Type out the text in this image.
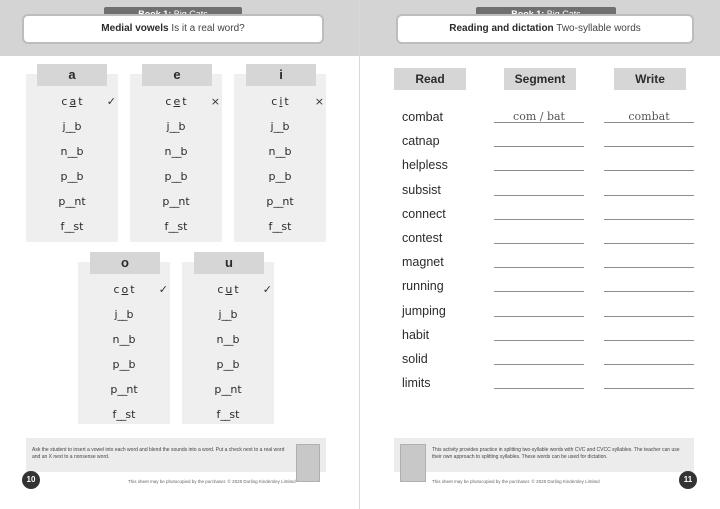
Medial vowels Is it a real word?
a
c a t ✓
j__b
n__b
p__b
p__nt
f__st
e
c e t ×
j__b
n__b
p__b
p__nt
f__st
i
c i t ×
j__b
n__b
p__b
p__nt
f__st
o
c o t ✓
j__b
n__b
p__b
p__nt
f__st
u
c u t ✓
j__b
n__b
p__b
p__nt
f__st
Ask the student to insert a vowel into each word and blend the sounds into a word. Put a check next to a real word and an X next to a nonsense word.
10	This sheet may be photocopied by the purchaser. © 2025 Dorling Kindersley Limited
Reading and dictation Two-syllable words
Read	Segment	Write
combat	com / bat	combat
catnap
helpless
subsist
connect
contest
magnet
running
jumping
habit
solid
limits
This activity provides practice in splitting two-syllable words with CVC and CVCC syllables. The teacher can use their own approach to splitting syllables. These words can be used for dictation.
11
This sheet may be photocopied by the purchaser. © 2025 Dorling Kindersley Limited
